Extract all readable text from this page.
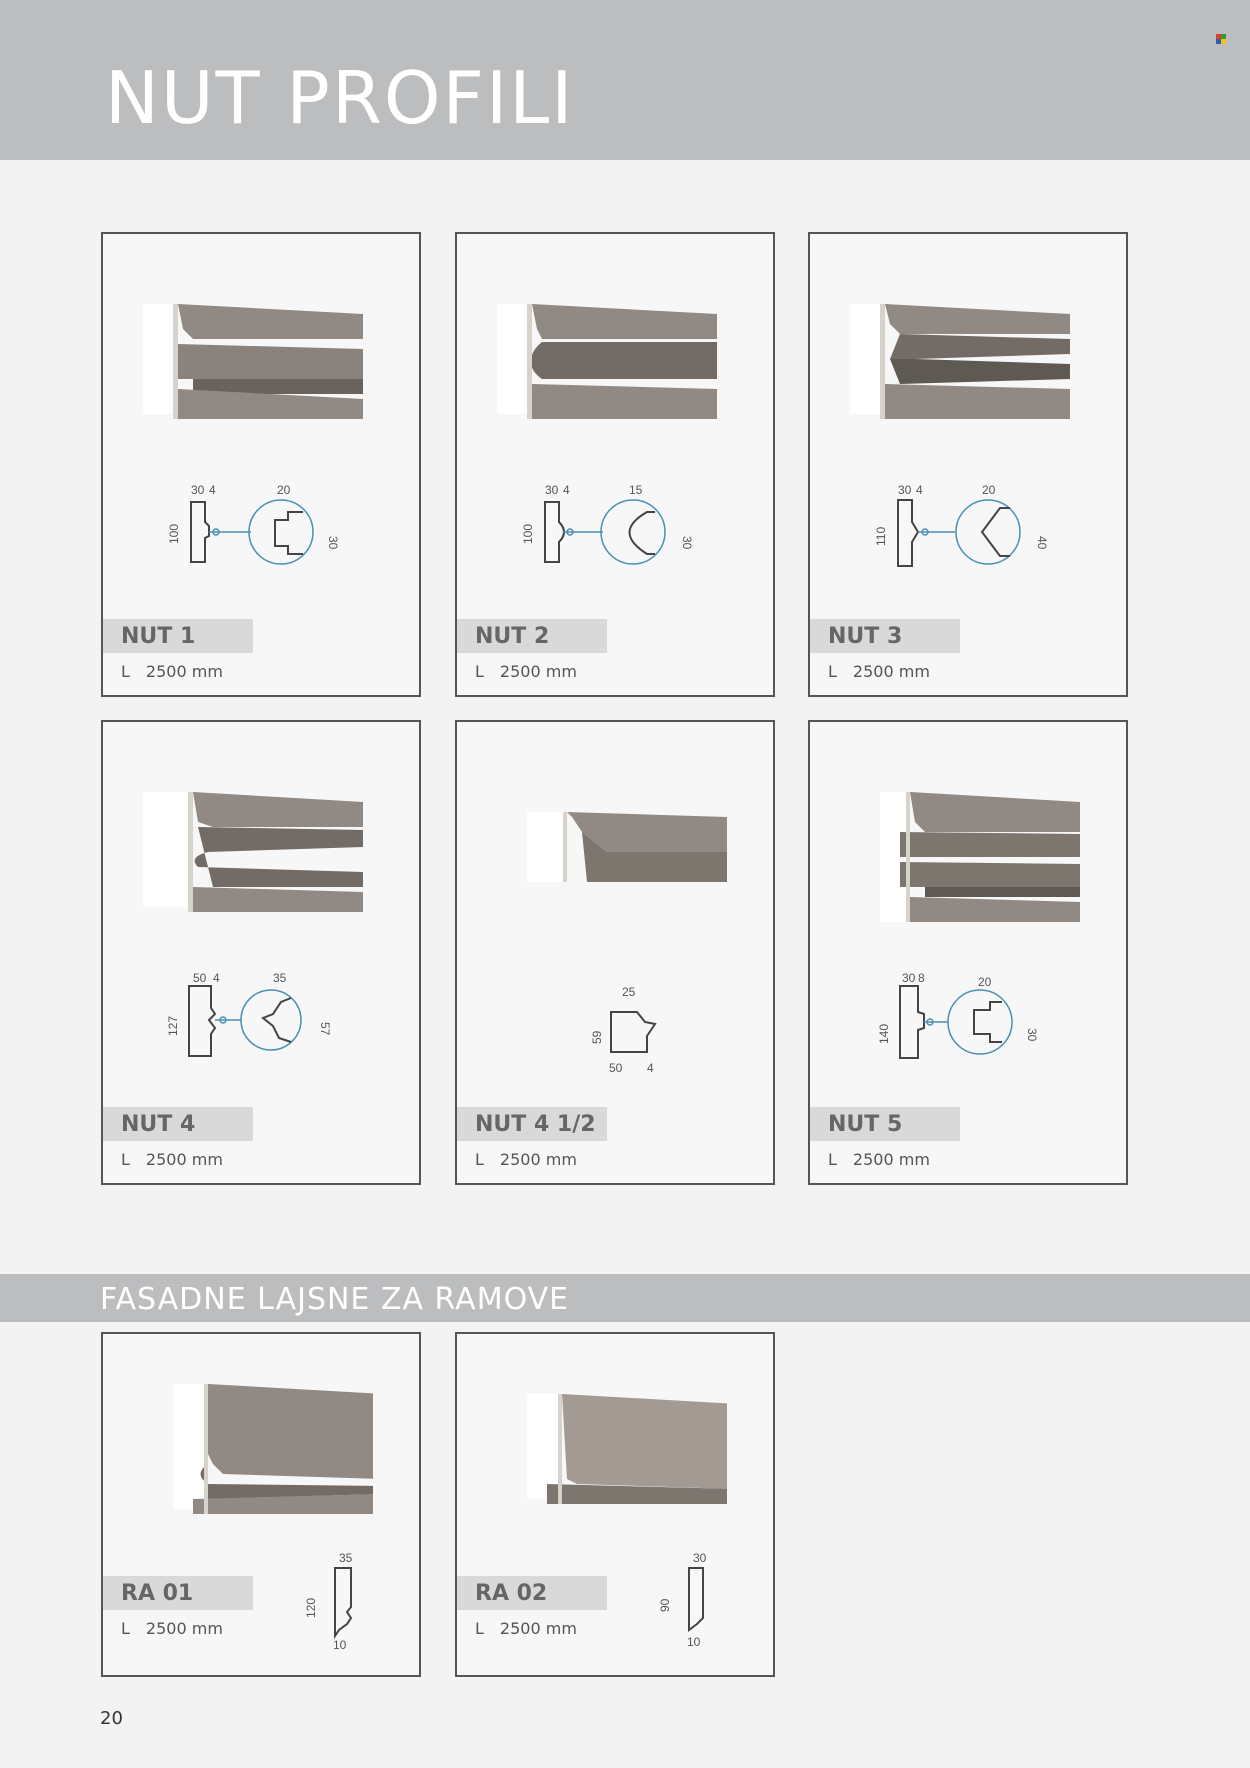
NUT PROFILI
30 4	20
100	30
NUT 1
L 2500 mm
30 4	15
100	30
NUT 2
L 2500 mm
30 4	20
110	40
NUT 3
L 2500 mm
50 4	35
127	57
NUT 4
L 2500 mm
25
59
50 4
NUT 4 1/2
L 2500 mm
30 8	20
140	30
NUT 5
L 2500 mm
FASADNE LAJSNE ZA RAMOVE
35
120
10
RA 01
L 2500 mm
30
90
10
RA 02
L 2500 mm
20
